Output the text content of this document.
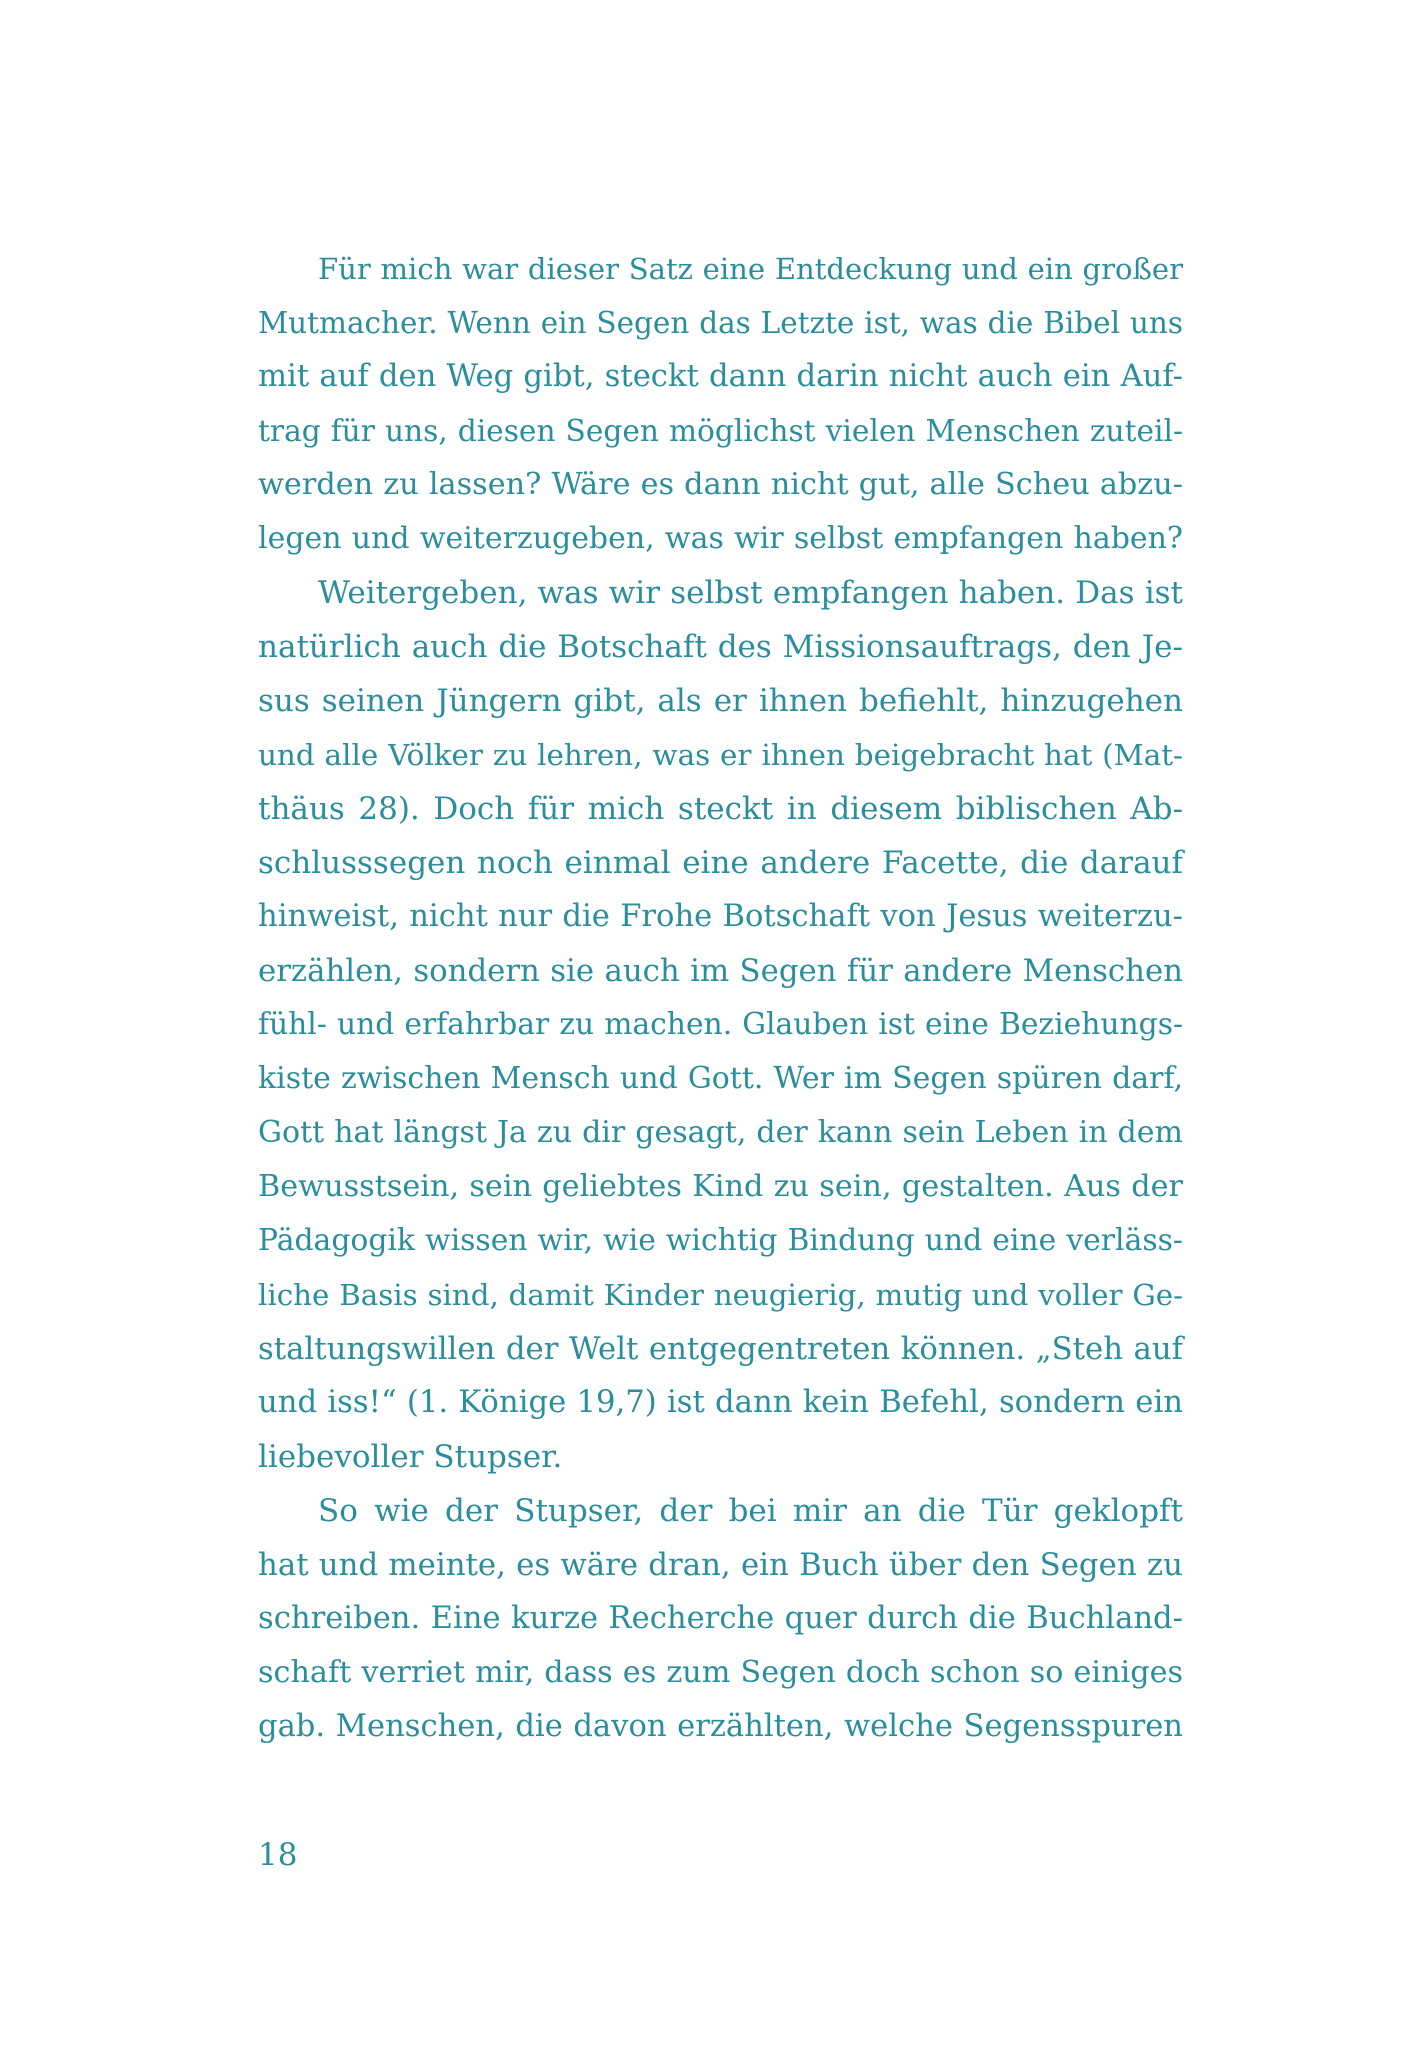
Für mich war dieser Satz eine Entdeckung und ein großer
Mutmacher. Wenn ein Segen das Letzte ist, was die Bibel uns
mit auf den Weg gibt, steckt dann darin nicht auch ein Auf-
trag für uns, diesen Segen möglichst vielen Menschen zuteil-
werden zu lassen? Wäre es dann nicht gut, alle Scheu abzu-
legen und weiterzugeben, was wir selbst empfangen haben?
Weitergeben, was wir selbst empfangen haben. Das ist
natürlich auch die Botschaft des Missionsauftrags, den Je-
sus seinen Jüngern gibt, als er ihnen befiehlt, hinzugehen
und alle Völker zu lehren, was er ihnen beigebracht hat (Mat-
thäus 28). Doch für mich steckt in diesem biblischen Ab-
schlusssegen noch einmal eine andere Facette, die darauf
hinweist, nicht nur die Frohe Botschaft von Jesus weiterzu-
erzählen, sondern sie auch im Segen für andere Menschen
fühl- und erfahrbar zu machen. Glauben ist eine Beziehungs-
kiste zwischen Mensch und Gott. Wer im Segen spüren darf,
Gott hat längst Ja zu dir gesagt, der kann sein Leben in dem
Bewusstsein, sein geliebtes Kind zu sein, gestalten. Aus der
Pädagogik wissen wir, wie wichtig Bindung und eine verläss-
liche Basis sind, damit Kinder neugierig, mutig und voller Ge-
staltungswillen der Welt entgegentreten können. „Steh auf
und iss!“ (1. Könige 19,7) ist dann kein Befehl, sondern ein
liebevoller Stupser.
So wie der Stupser, der bei mir an die Tür geklopft
hat und meinte, es wäre dran, ein Buch über den Segen zu
schreiben. Eine kurze Recherche quer durch die Buchland-
schaft verriet mir, dass es zum Segen doch schon so einiges
gab. Menschen, die davon erzählten, welche Segensspuren
18
